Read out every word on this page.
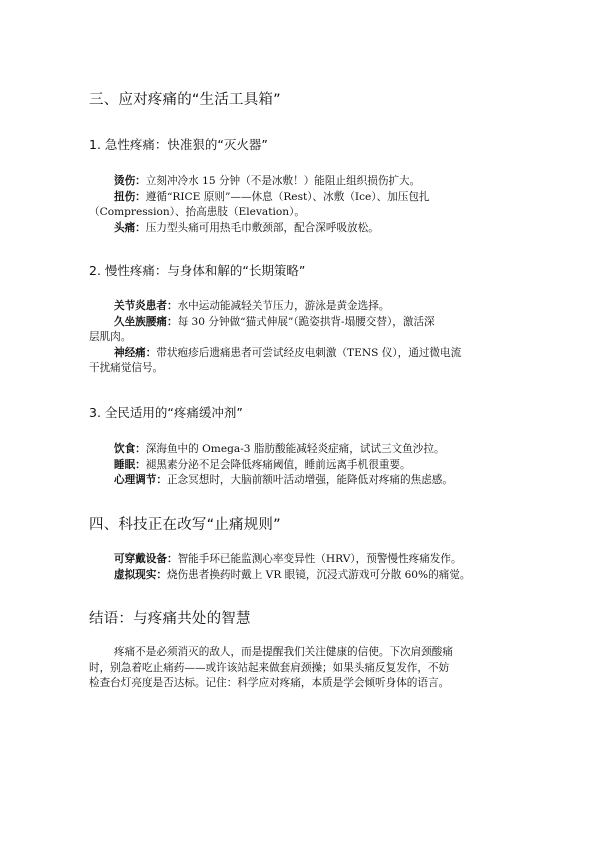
三、应对疼痛的“生活工具箱”
1. 急性疼痛：快准狠的“灭火器”
烫伤：立刻冲冷水 15 分钟（不是冰敷！）能阻止组织损伤扩大。
扭伤：遵循“RICE 原则”——休息（Rest）、冰敷（Ice）、加压包扎
（Compression）、抬高患肢（Elevation）。
头痛：压力型头痛可用热毛巾敷颈部，配合深呼吸放松。
2. 慢性疼痛：与身体和解的“长期策略”
关节炎患者：水中运动能减轻关节压力，游泳是黄金选择。
久坐族腰痛：每 30 分钟做“猫式伸展”（跪姿拱背-塌腰交替），激活深
层肌肉。
神经痛：带状疱疹后遗痛患者可尝试经皮电刺激（TENS 仪），通过微电流
干扰痛觉信号。
3. 全民适用的“疼痛缓冲剂”
饮食：深海鱼中的 Omega-3 脂肪酸能减轻炎症痛，试试三文鱼沙拉。
睡眠：褪黑素分泌不足会降低疼痛阈值，睡前远离手机很重要。
心理调节：正念冥想时，大脑前额叶活动增强，能降低对疼痛的焦虑感。
四、科技正在改写“止痛规则”
可穿戴设备：智能手环已能监测心率变异性（HRV），预警慢性疼痛发作。
虚拟现实：烧伤患者换药时戴上 VR 眼镜，沉浸式游戏可分散 60%的痛觉。
结语：与疼痛共处的智慧
疼痛不是必须消灭的敌人，而是提醒我们关注健康的信使。下次肩颈酸痛
时，别急着吃止痛药——或许该站起来做套肩颈操；如果头痛反复发作，不妨
检查台灯亮度是否达标。记住：科学应对疼痛，本质是学会倾听身体的语言。
